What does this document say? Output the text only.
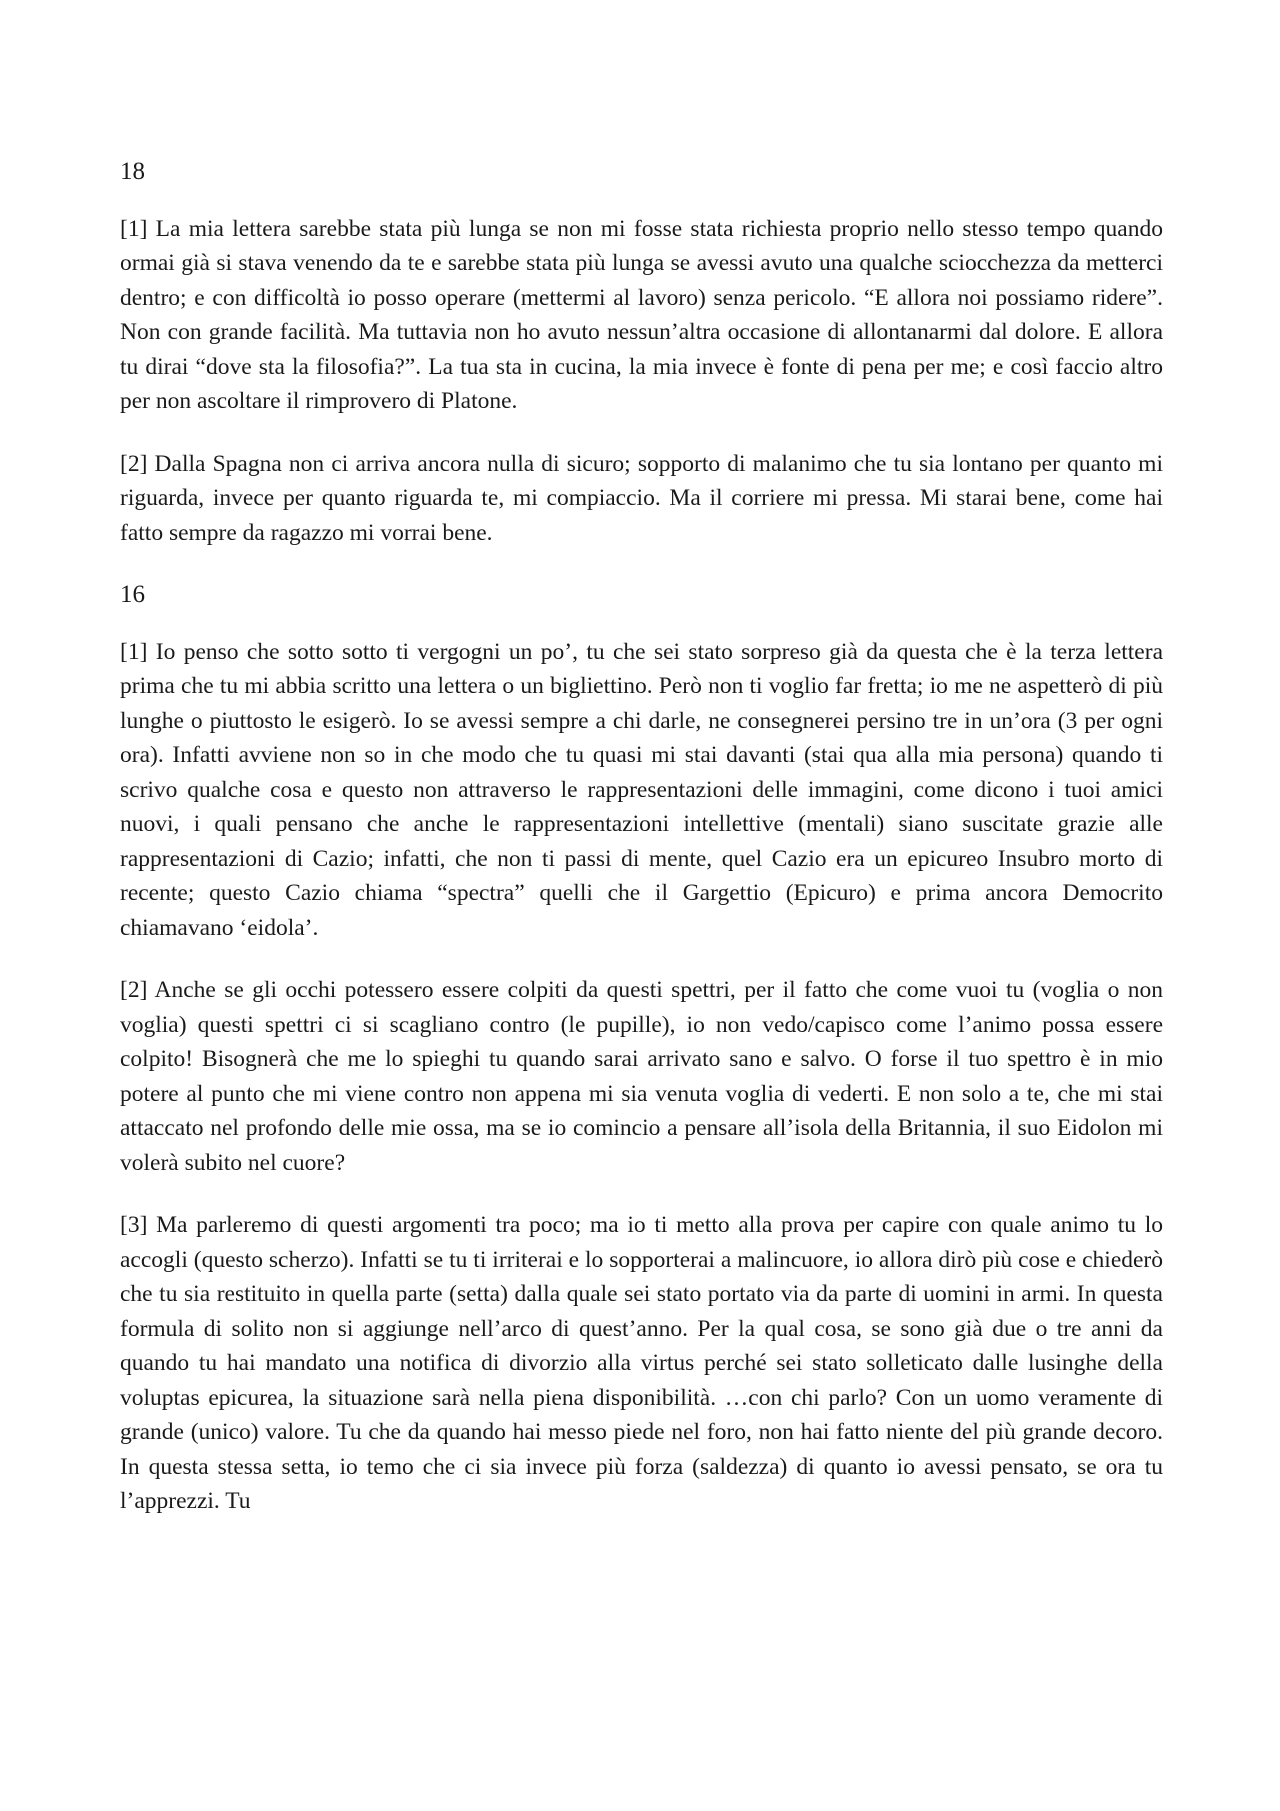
18

[1] La mia lettera sarebbe stata più lunga se non mi fosse stata richiesta proprio nello stesso tempo quando ormai già si stava venendo da te e sarebbe stata più lunga se avessi avuto una qualche sciocchezza da metterci dentro; e con difficoltà io posso operare (mettermi al lavoro) senza pericolo. “E allora noi possiamo ridere”. Non con grande facilità. Ma tuttavia non ho avuto nessun’altra occasione di allontanarmi dal dolore. E allora tu dirai “dove sta la filosofia?”. La tua sta in cucina, la mia invece è fonte di pena per me; e così faccio altro per non ascoltare il rimprovero di Platone.

[2] Dalla Spagna non ci arriva ancora nulla di sicuro; sopporto di malanimo che tu sia lontano per quanto mi riguarda, invece per quanto riguarda te, mi compiaccio. Ma il corriere mi pressa. Mi starai bene, come hai fatto sempre da ragazzo mi vorrai bene.

16

[1] Io penso che sotto sotto ti vergogni un po’, tu che sei stato sorpreso già da questa che è la terza lettera prima che tu mi abbia scritto una lettera o un bigliettino. Però non ti voglio far fretta; io me ne aspetterò di più lunghe o piuttosto le esigerò. Io se avessi sempre a chi darle, ne consegnerei persino tre in un’ora (3 per ogni ora). Infatti avviene non so in che modo che tu quasi mi stai davanti (stai qua alla mia persona) quando ti scrivo qualche cosa e questo non attraverso le rappresentazioni delle immagini, come dicono i tuoi amici nuovi, i quali pensano che anche le rappresentazioni intellettive (mentali) siano suscitate grazie alle rappresentazioni di Cazio; infatti, che non ti passi di mente, quel Cazio era un epicureo Insubro morto di recente; questo Cazio chiama “spectra” quelli che il Gargettio (Epicuro) e prima ancora Democrito chiamavano ‘eidola’.

[2] Anche se gli occhi potessero essere colpiti da questi spettri, per il fatto che come vuoi tu (voglia o non voglia) questi spettri ci si scagliano contro (le pupille), io non vedo/capisco come l’animo possa essere colpito! Bisognerà che me lo spieghi tu quando sarai arrivato sano e salvo. O forse il tuo spettro è in mio potere al punto che mi viene contro non appena mi sia venuta voglia di vederti. E non solo a te, che mi stai attaccato nel profondo delle mie ossa, ma se io comincio a pensare all’isola della Britannia, il suo Eidolon mi volerà subito nel cuore?

[3] Ma parleremo di questi argomenti tra poco; ma io ti metto alla prova per capire con quale animo tu lo accogli (questo scherzo). Infatti se tu ti irriterai e lo sopporterai a malincuore, io allora dirò più cose e chiederò che tu sia restituito in quella parte (setta) dalla quale sei stato portato via da parte di uomini in armi. In questa formula di solito non si aggiunge nell’arco di quest’anno. Per la qual cosa, se sono già due o tre anni da quando tu hai mandato una notifica di divorzio alla virtus perché sei stato solleticato dalle lusinghe della voluptas epicurea, la situazione sarà nella piena disponibilità. …con chi parlo? Con un uomo veramente di grande (unico) valore. Tu che da quando hai messo piede nel foro, non hai fatto niente del più grande decoro. In questa stessa setta, io temo che ci sia invece più forza (saldezza) di quanto io avessi pensato, se ora tu l’apprezzi. Tu
